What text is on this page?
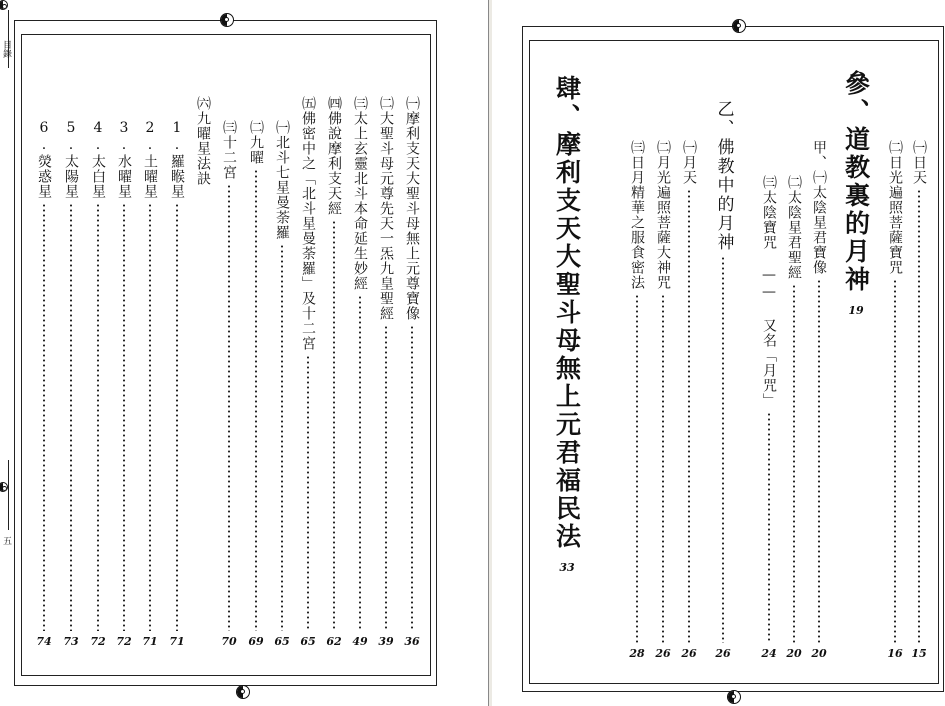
目錄
五
㈠摩利支天大聖斗母無上元尊寶像
36
㈡大聖斗母元尊先天一炁九皇聖經
39
㈢太上玄靈北斗本命延生妙經
49
㈣佛說摩利支天經
62
㈤佛密中之「北斗星曼荼羅」及十二宮
65
㈠北斗七星曼荼羅
65
㈡九曜
69
㈢十二宮
70
㈥九曜星法訣
1.羅睺星
71
2.土曜星
71
3.水曜星
72
4.太白星
72
5.太陽星
73
6.熒惑星
74
㈠日天
15
㈡日光遍照菩薩寶咒
16
參、道教裏的月神
19
甲、㈠太陰星君寶像
20
㈡太陰星君聖經
20
㈢太陰寶咒 —— 又名「月咒」
24
乙、佛教中的月神
26
㈠月天
26
㈡月光遍照菩薩大神咒
26
㈢日月精華之服食密法
28
肆、摩利支天大聖斗母無上元君福民法
33
